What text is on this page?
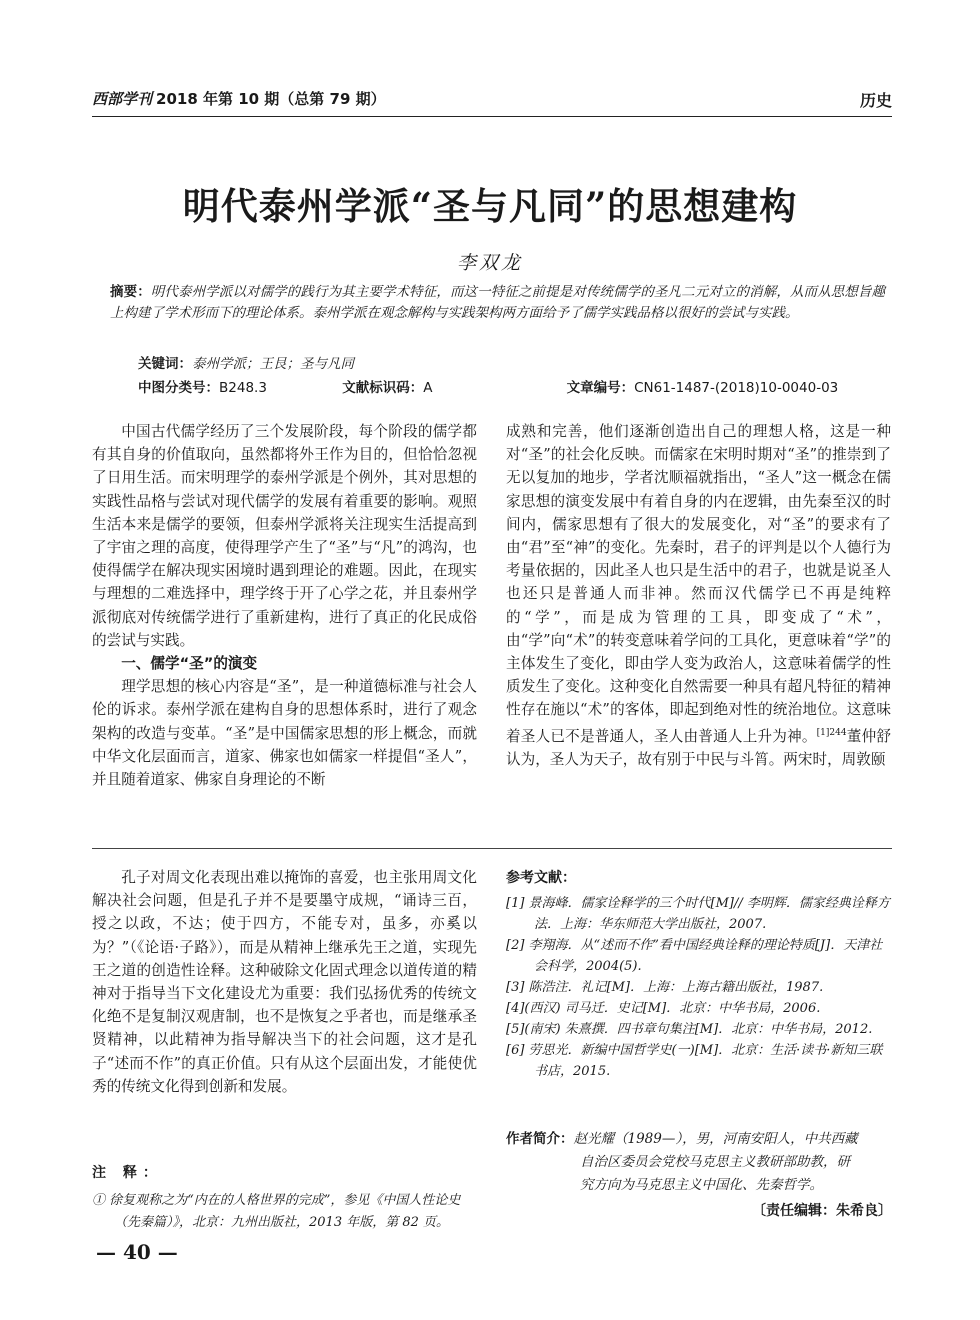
西部学刊 2018 年第 10 期（总第 79 期）	历史
明代泰州学派“圣与凡同”的思想建构
李双龙
摘要：明代泰州学派以对儒学的践行为其主要学术特征，而这一特征之前提是对传统儒学的圣凡二元对立的消解，从而从思想旨趣上构建了学术形而下的理论体系。泰州学派在观念解构与实践架构两方面给予了儒学实践品格以很好的尝试与实践。
关键词：泰州学派；王艮；圣与凡同
中图分类号：B248.3	文献标识码：A	文章编号：CN61-1487-(2018)10-0040-03

中国古代儒学经历了三个发展阶段，每个阶段的儒学都有其自身的价值取向，虽然都将外王作为目的，但恰恰忽视了日用生活。而宋明理学的泰州学派是个例外，其对思想的实践性品格与尝试对现代儒学的发展有着重要的影响。观照生活本来是儒学的要领，但泰州学派将关注现实生活提高到了宇宙之理的高度，使得理学产生了“圣”与“凡”的鸿沟，也使得儒学在解决现实困境时遇到理论的难题。因此，在现实与理想的二难选择中，理学终于开了心学之花，并且泰州学派彻底对传统儒学进行了重新建构，进行了真正的化民成俗的尝试与实践。

一、儒学“圣”的演变

理学思想的核心内容是“圣”，是一种道德标准与社会人伦的诉求。泰州学派在建构自身的思想体系时，进行了观念架构的改造与变革。“圣”是中国儒家思想的形上概念，而就中华文化层面而言，道家、佛家也如儒家一样提倡“圣人”，并且随着道家、佛家自身理论的不断

成熟和完善，他们逐渐创造出自己的理想人格，这是一种对“圣”的社会化反映。而儒家在宋明时期对“圣”的推崇到了无以复加的地步，学者沈顺福就指出，“圣人”这一概念在儒家思想的演变发展中有着自身的内在逻辑，由先秦至汉的时间内，儒家思想有了很大的发展变化，对“圣”的要求有了由“君”至“神”的变化。先秦时，君子的评判是以个人德行为考量依据的，因此圣人也只是生活中的君子，也就是说圣人也还只是普通人而非神。然而汉代儒学已不再是纯粹的“学”，而是成为管理的工具，即变成了“术”，由“学”向“术”的转变意味着学问的工具化，更意味着“学”的主体发生了变化，即由学人变为政治人，这意味着儒学的性质发生了变化。这种变化自然需要一种具有超凡特征的精神性存在施以“术”的客体，即起到绝对性的统治地位。这意味着圣人已不是普通人，圣人由普通人上升为神。$^{[1]244}$董仲舒认为，圣人为天子，故有别于中民与斗筲。两宋时，周敦颐

孔子对周文化表现出难以掩饰的喜爱，也主张用周文化解决社会问题，但是孔子并不是要墨守成规，“诵诗三百，授之以政，不达；使于四方，不能专对，虽多，亦奚以为？”（《论语·子路》），而是从精神上继承先王之道，实现先王之道的创造性诠释。这种破除文化固式理念以道传道的精神对于指导当下文化建设尤为重要：我们弘扬优秀的传统文化绝不是复制汉观唐制，也不是恢复之乎者也，而是继承圣贤精神，以此精神为指导解决当下的社会问题，这才是孔子“述而不作”的真正价值。只有从这个层面出发，才能使优秀的传统文化得到创新和发展。

参考文献：
[1] 景海峰．儒家诠释学的三个时代[M]// 李明辉．儒家经典诠释方法．上海：华东师范大学出版社，2007.
[2] 李翔海．从“述而不作”看中国经典诠释的理论特质[J]．天津社会科学，2004(5).
[3] 陈浩注．礼记[M]．上海：上海古籍出版社，1987.
[4](西汉) 司马迁．史记[M]．北京：中华书局，2006.
[5](南宋) 朱熹撰．四书章句集注[M]．北京：中华书局，2012.
[6] 劳思光．新编中国哲学史(一)[M]．北京：生活·读书·新知三联书店，2015.
注 释：
① 徐复观称之为“内在的人格世界的完成”，参见《中国人性论史（先秦篇）》，北京：九州出版社，2013 年版，第 82 页。
作者简介：赵光耀（1989—），男，河南安阳人，中共西藏
自治区委员会党校马克思主义教研部助教，研
究方向为马克思主义中国化、先秦哲学。
〔责任编辑：朱希良〕
— 40 —
